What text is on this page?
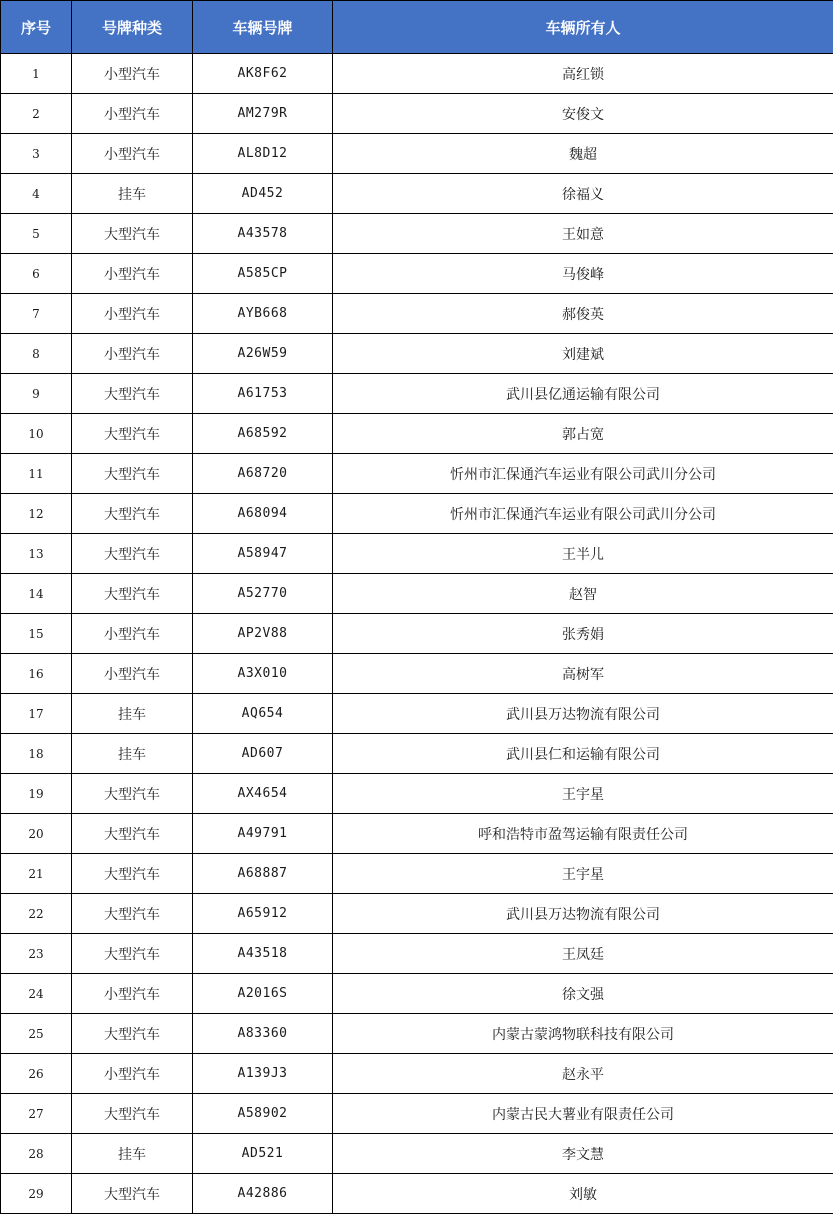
序号	号牌种类	车辆号牌	车辆所有人
1	小型汽车	AK8F62	高红锁
2	小型汽车	AM279R	安俊文
3	小型汽车	AL8D12	魏超
4	挂车	AD452	徐福义
5	大型汽车	A43578	王如意
6	小型汽车	A585CP	马俊峰
7	小型汽车	AYB668	郝俊英
8	小型汽车	A26W59	刘建斌
9	大型汽车	A61753	武川县亿通运输有限公司
10	大型汽车	A68592	郭占宽
11	大型汽车	A68720	忻州市汇保通汽车运业有限公司武川分公司
12	大型汽车	A68094	忻州市汇保通汽车运业有限公司武川分公司
13	大型汽车	A58947	王半儿
14	大型汽车	A52770	赵智
15	小型汽车	AP2V88	张秀娟
16	小型汽车	A3X010	高树军
17	挂车	AQ654	武川县万达物流有限公司
18	挂车	AD607	武川县仁和运输有限公司
19	大型汽车	AX4654	王宇星
20	大型汽车	A49791	呼和浩特市盈驾运输有限责任公司
21	大型汽车	A68887	王宇星
22	大型汽车	A65912	武川县万达物流有限公司
23	大型汽车	A43518	王凤廷
24	小型汽车	A2016S	徐文强
25	大型汽车	A83360	内蒙古蒙鸿物联科技有限公司
26	小型汽车	A139J3	赵永平
27	大型汽车	A58902	内蒙古民大薯业有限责任公司
28	挂车	AD521	李文慧
29	大型汽车	A42886	刘敏
